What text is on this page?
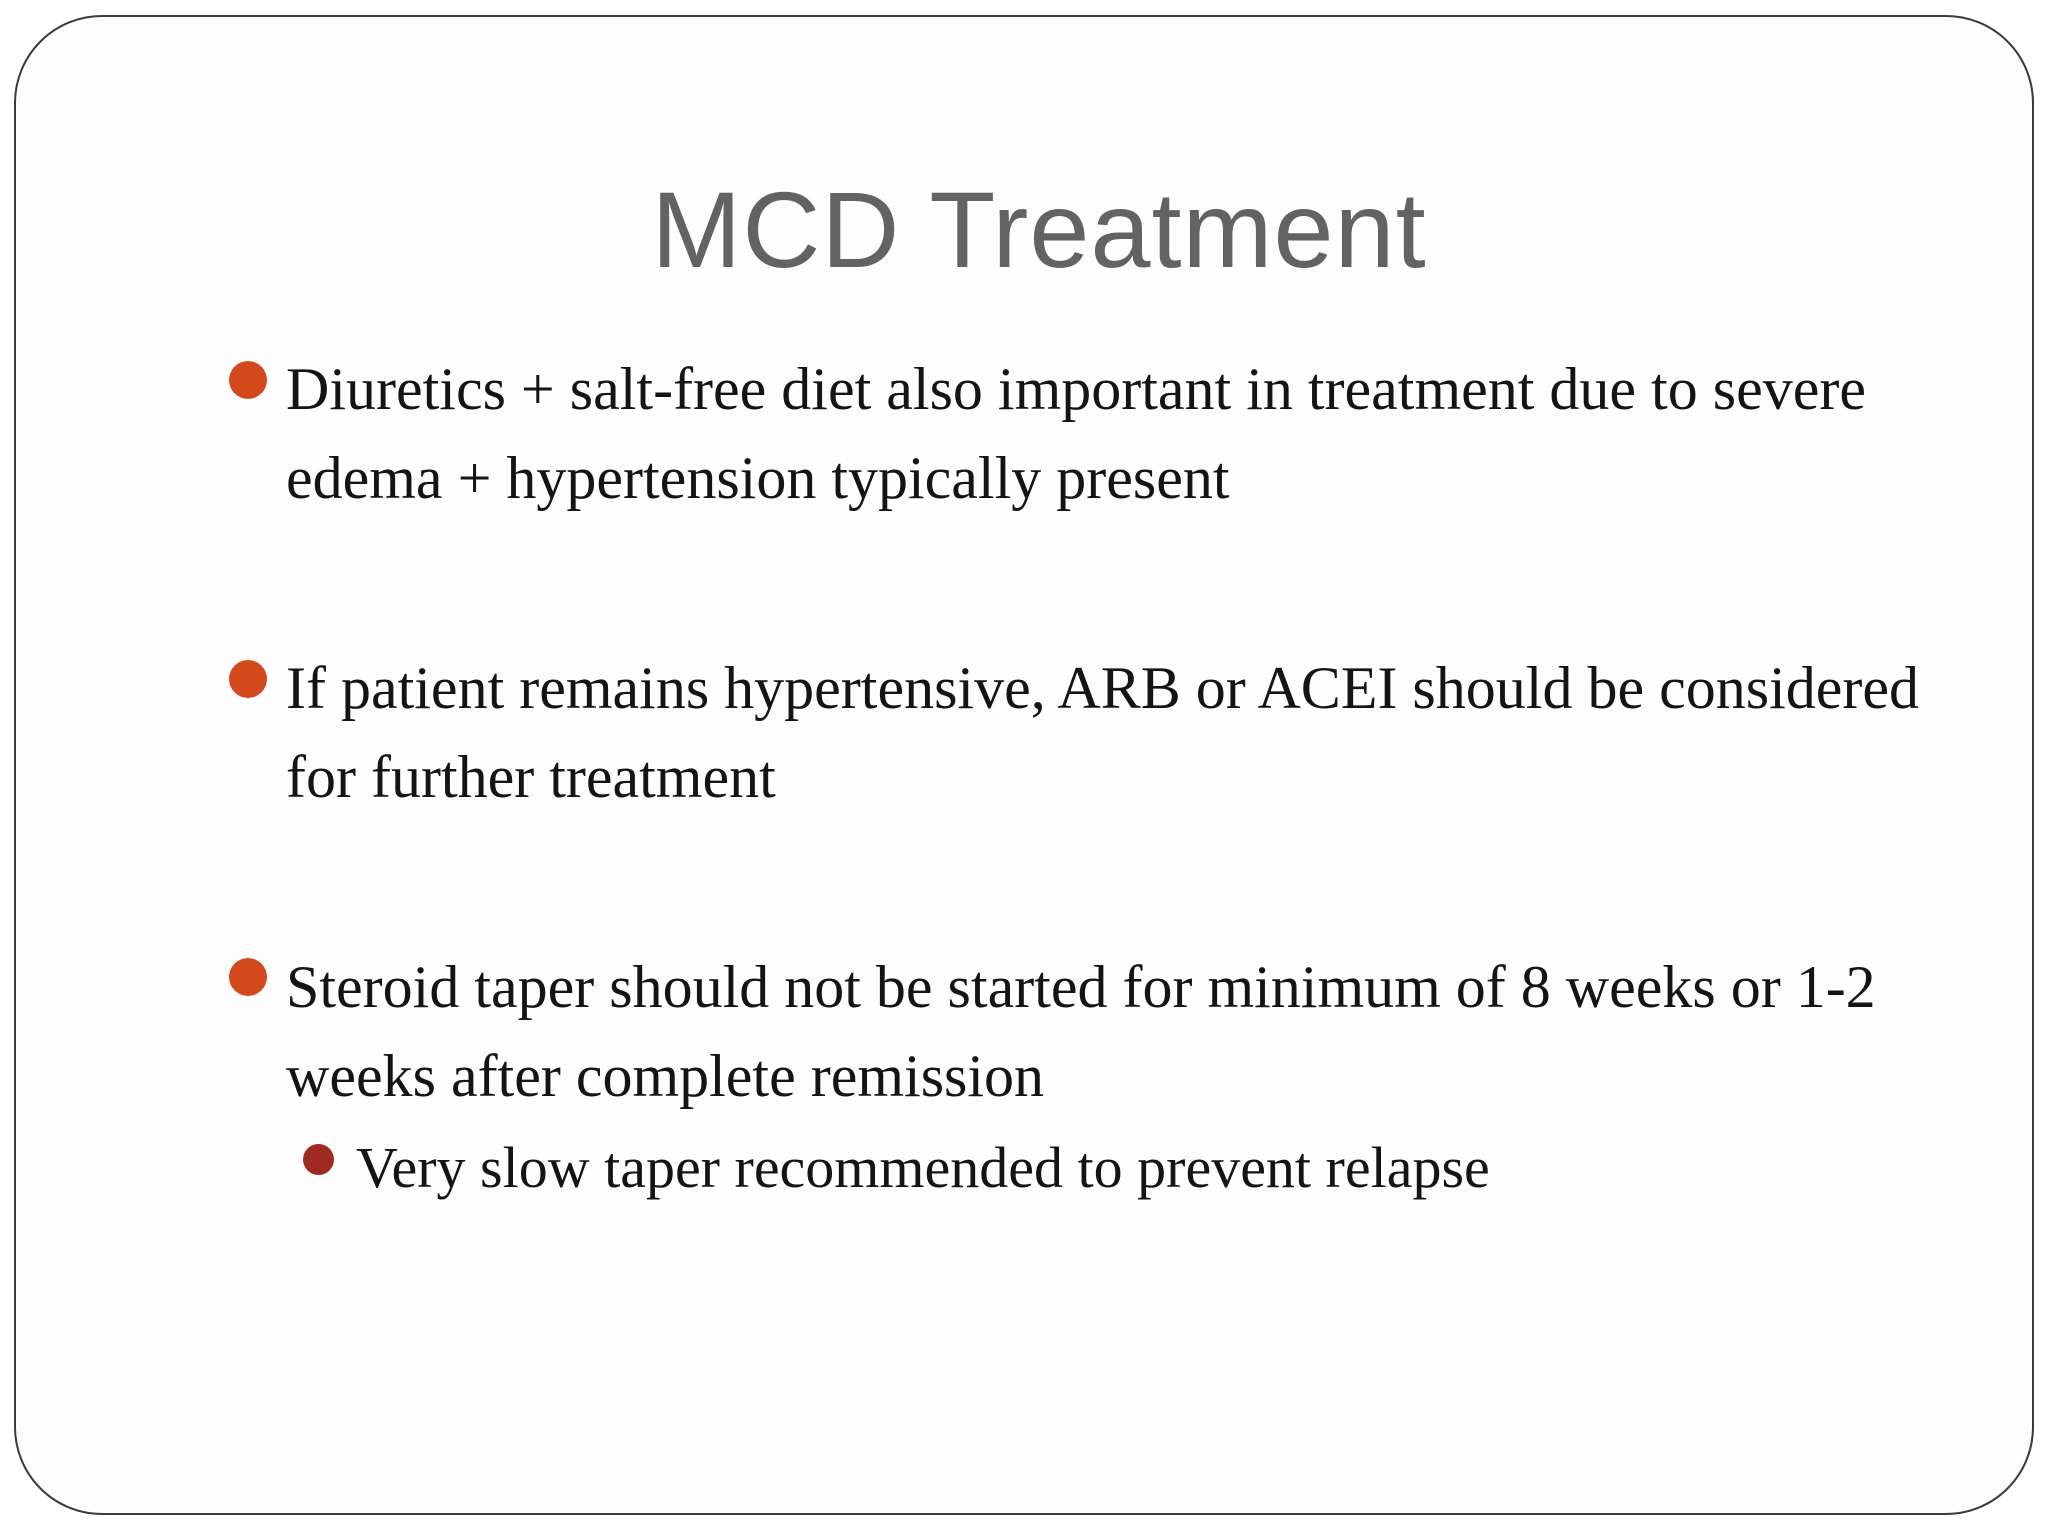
MCD Treatment
Diuretics + salt-free diet also important in treatment due to severe edema + hypertension typically present
If patient remains hypertensive, ARB or ACEI should be considered for further treatment
Steroid taper should not be started for minimum of 8 weeks or 1-2 weeks after complete remission
Very slow taper recommended to prevent relapse
